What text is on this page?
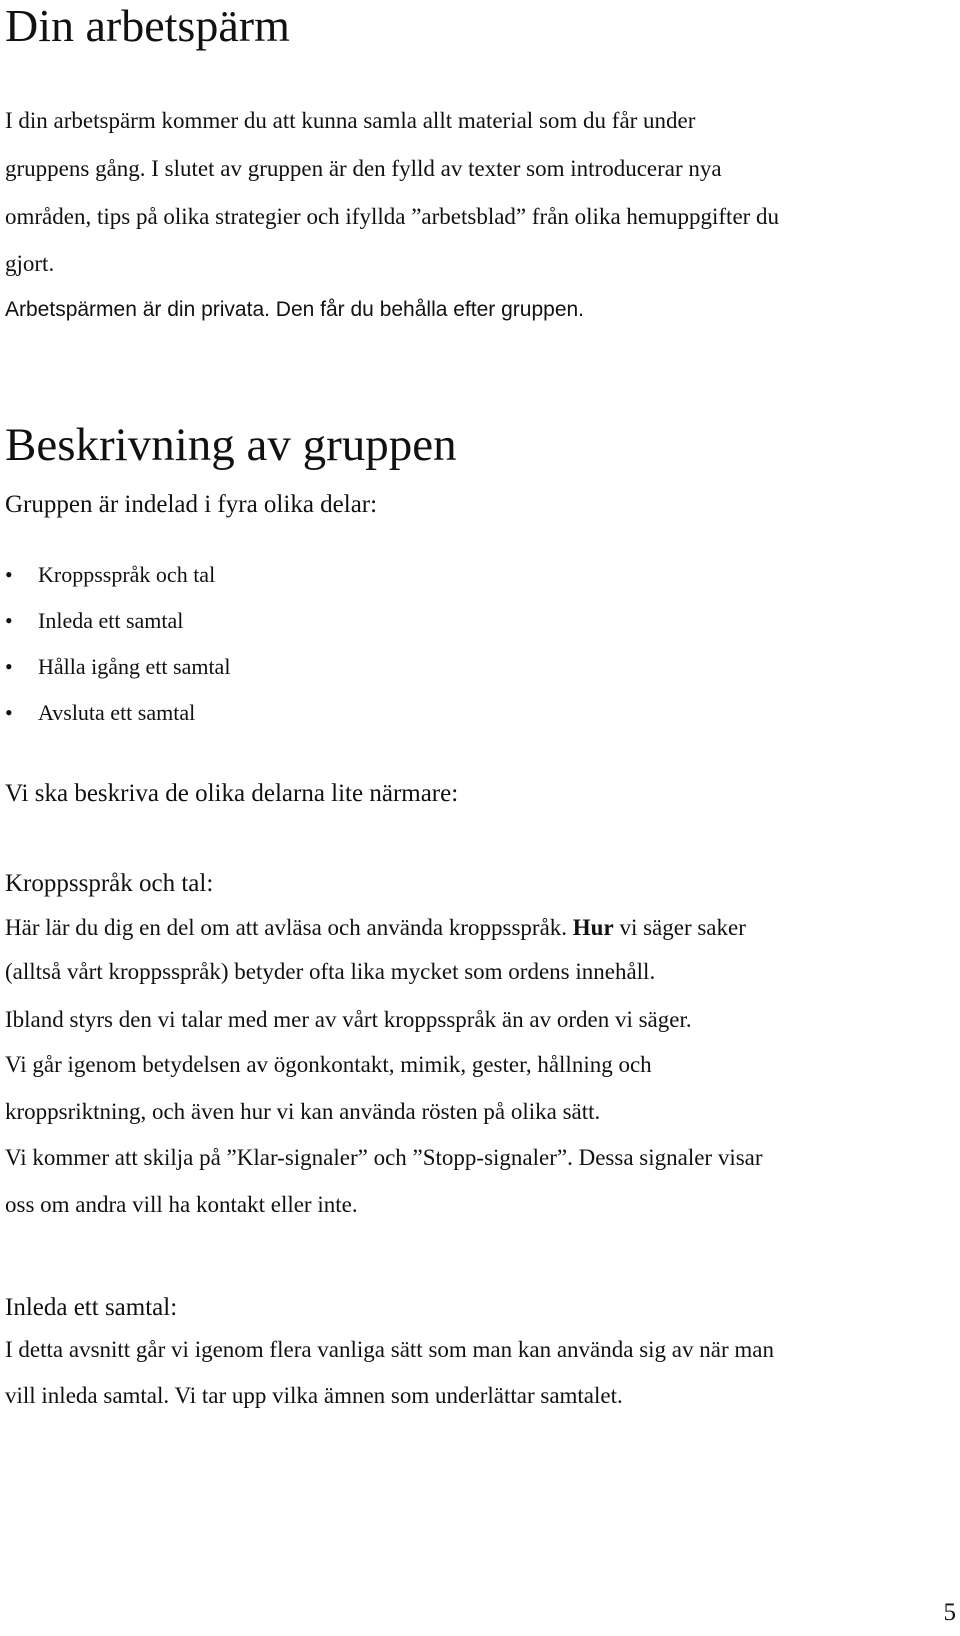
Din arbetspärm

I din arbetspärm kommer du att kunna samla allt material som du får under

gruppens gång. I slutet av gruppen är den fylld av texter som introducerar nya

områden, tips på olika strategier och ifyllda ”arbetsblad” från olika hemuppgifter du

gjort.

Arbetspärmen är din privata. Den får du behålla efter gruppen.

Beskrivning av gruppen

Gruppen är indelad i fyra olika delar:

•	Kroppsspråk och tal
•	Inleda ett samtal
•	Hålla igång ett samtal
•	Avsluta ett samtal

Vi ska beskriva de olika delarna lite närmare:

Kroppsspråk och tal:

Här lär du dig en del om att avläsa och använda kroppsspråk. Hur vi säger saker

(alltså vårt kroppsspråk) betyder ofta lika mycket som ordens innehåll.

Ibland styrs den vi talar med mer av vårt kroppsspråk än av orden vi säger.

Vi går igenom betydelsen av ögonkontakt, mimik, gester, hållning och

kroppsriktning, och även hur vi kan använda rösten på olika sätt.

Vi kommer att skilja på ”Klar-signaler” och ”Stopp-signaler”. Dessa signaler visar

oss om andra vill ha kontakt eller inte.

Inleda ett samtal:

I detta avsnitt går vi igenom flera vanliga sätt som man kan använda sig av när man

vill inleda samtal. Vi tar upp vilka ämnen som underlättar samtalet.

5
